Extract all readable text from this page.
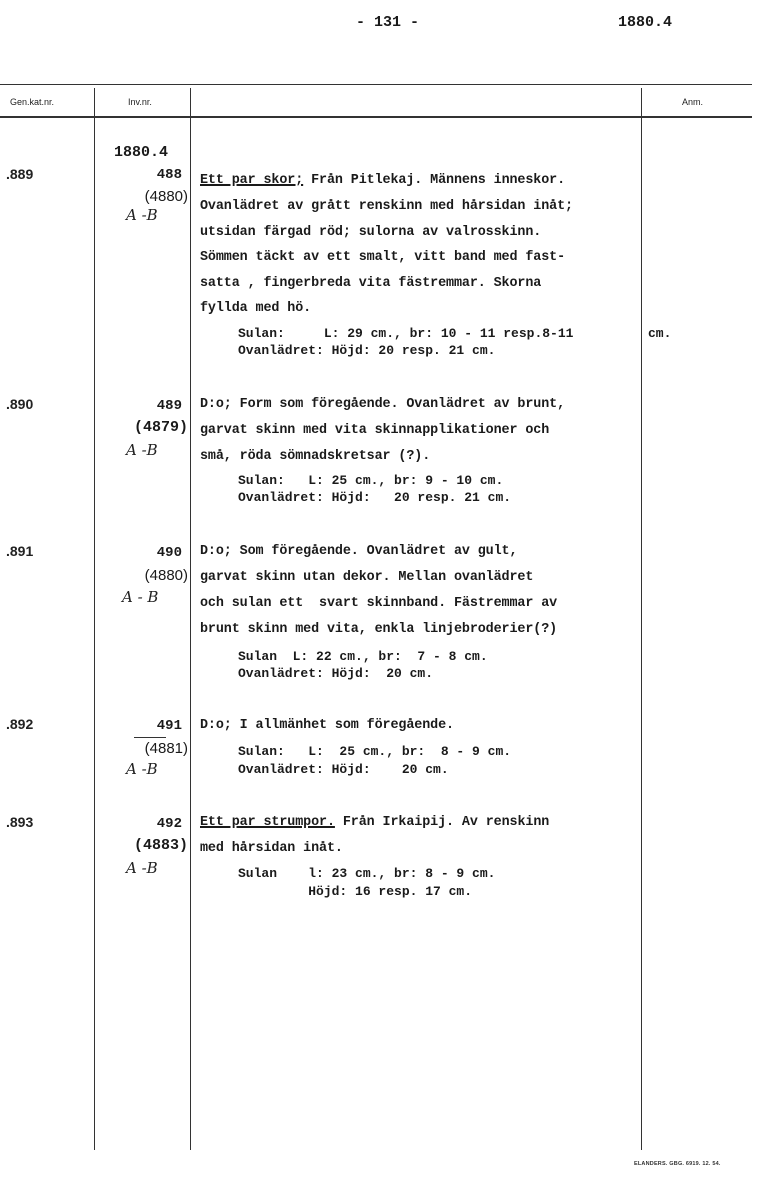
- 131 -	1880.4
Gen.kat.nr.	Inv.nr.	Anm.
1880.4
.889	488
(4880)
A -B
Ett par skor; Från Pitlekaj. Männens inneskor.
Ovanlädret av grått renskinn med hårsidan inåt;
utsidan färgad röd; sulorna av valrosskinn.
Sömmen täckt av ett smalt, vitt band med fast-
satta , fingerbreda vita fästremmar. Skorna
fyllda med hö.
Sulan:     L: 29 cm., br: 10 - 11 resp.8-11
Ovanlädret: Höjd: 20 resp. 21 cm.
cm.
.890	489
(4879)
A -B
D:o; Form som föregående. Ovanlädret av brunt,
garvat skinn med vita skinnapplikationer och
små, röda sömnadskretsar (?).
Sulan:   L: 25 cm., br: 9 - 10 cm.
Ovanlädret: Höjd:   20 resp. 21 cm.
.891	490
(4880)
A - B
D:o; Som föregående. Ovanlädret av gult,
garvat skinn utan dekor. Mellan ovanlädret
och sulan ett  svart skinnband. Fästremmar av
brunt skinn med vita, enkla linjebroderier(?)
Sulan  L: 22 cm., br:  7 - 8 cm.
Ovanlädret: Höjd:  20 cm.
.892	491
(4881)
A -B
D:o; I allmänhet som föregående.
Sulan:   L:  25 cm., br:  8 - 9 cm.
Ovanlädret: Höjd:    20 cm.
.893	492
(4883)
A -B
Ett par strumpor. Från Irkaipij. Av renskinn
med hårsidan inåt.
Sulan    l: 23 cm., br: 8 - 9 cm.
Höjd: 16 resp. 17 cm.
ELANDERS. GBG. 6919. 12. 54.
